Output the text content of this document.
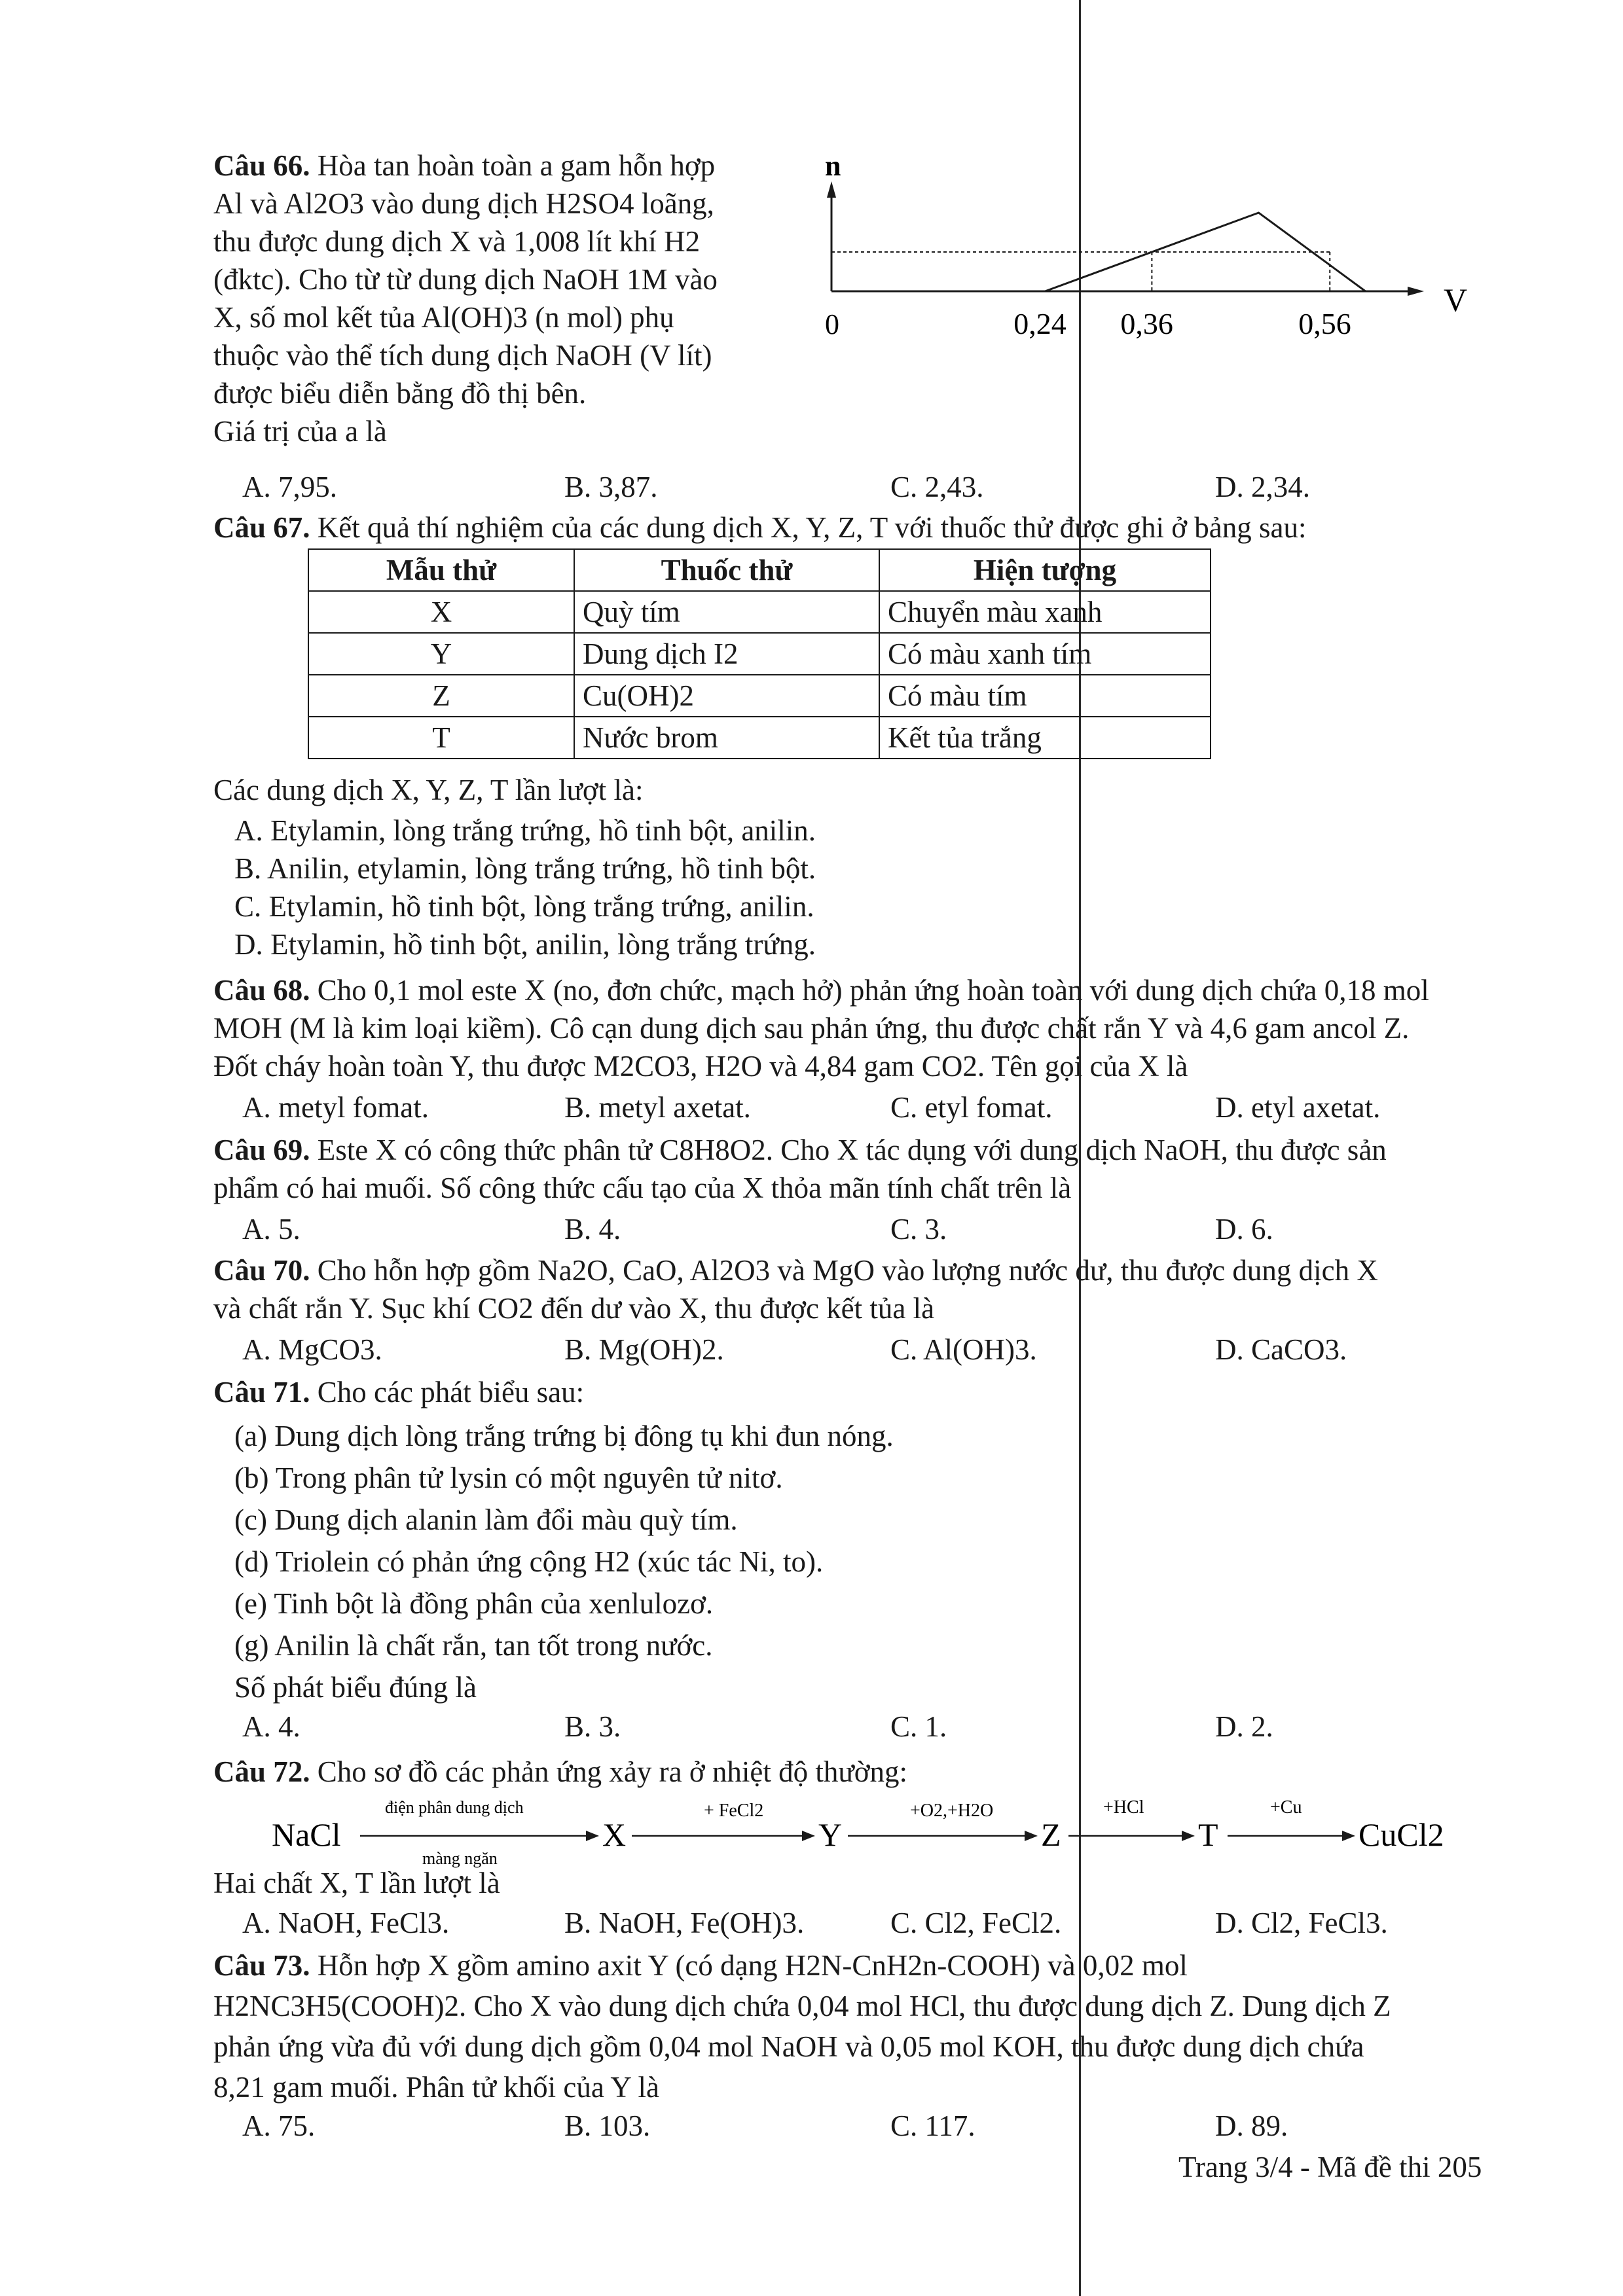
Câu 66. Hòa tan hoàn toàn a gam hỗn hợp
Al và Al2O3 vào dung dịch H2SO4 loãng,
thu được dung dịch X và 1,008 lít khí H2
(đktc). Cho từ từ dung dịch NaOH 1M vào
X, số mol kết tủa Al(OH)3 (n mol) phụ
thuộc vào thể tích dung dịch NaOH (V lít)
được biểu diễn bằng đồ thị bên.
Giá trị của a là
n
V
0	0,24 0,36	0,56
A. 7,95.	B. 3,87.	C. 2,43.	D. 2,34.
Câu 67. Kết quả thí nghiệm của các dung dịch X, Y, Z, T với thuốc thử được ghi ở bảng sau:
Mẫu thử	Thuốc thử	Hiện tượng
X	Quỳ tím	Chuyển màu xanh
Y	Dung dịch I2	Có màu xanh tím
Z	Cu(OH)2	Có màu tím
T	Nước brom	Kết tủa trắng
Các dung dịch X, Y, Z, T lần lượt là:
A. Etylamin, lòng trắng trứng, hồ tinh bột, anilin.
B. Anilin, etylamin, lòng trắng trứng, hồ tinh bột.
C. Etylamin, hồ tinh bột, lòng trắng trứng, anilin.
D. Etylamin, hồ tinh bột, anilin, lòng trắng trứng.
Câu 68. Cho 0,1 mol este X (no, đơn chức, mạch hở) phản ứng hoàn toàn với dung dịch chứa 0,18 mol
MOH (M là kim loại kiềm). Cô cạn dung dịch sau phản ứng, thu được chất rắn Y và 4,6 gam ancol Z.
Đốt cháy hoàn toàn Y, thu được M2CO3, H2O và 4,84 gam CO2. Tên gọi của X là
A. metyl fomat.	B. metyl axetat.	C. etyl fomat.	D. etyl axetat.
Câu 69. Este X có công thức phân tử C8H8O2. Cho X tác dụng với dung dịch NaOH, thu được sản
phẩm có hai muối. Số công thức cấu tạo của X thỏa mãn tính chất trên là
A. 5.	B. 4.	C. 3.	D. 6.
Câu 70. Cho hỗn hợp gồm Na2O, CaO, Al2O3 và MgO vào lượng nước dư, thu được dung dịch X
và chất rắn Y. Sục khí CO2 đến dư vào X, thu được kết tủa là
A. MgCO3.	B. Mg(OH)2.	C. Al(OH)3.	D. CaCO3.
Câu 71. Cho các phát biểu sau:
(a) Dung dịch lòng trắng trứng bị đông tụ khi đun nóng.
(b) Trong phân tử lysin có một nguyên tử nitơ.
(c) Dung dịch alanin làm đổi màu quỳ tím.
(d) Triolein có phản ứng cộng H2 (xúc tác Ni, to).
(e) Tinh bột là đồng phân của xenlulozơ.
(g) Anilin là chất rắn, tan tốt trong nước.
Số phát biểu đúng là
A. 4.	B. 3.	C. 1.	D. 2.
Câu 72. Cho sơ đồ các phản ứng xảy ra ở nhiệt độ thường:
NaCl
điện phân dung dịch
màng ngăn
X
+ FeCl2
Y
+O2,+H2O
Z
+HCl
T
+Cu
CuCl2
Hai chất X, T lần lượt là
A. NaOH, FeCl3.	B. NaOH, Fe(OH)3.	C. Cl2, FeCl2.	D. Cl2, FeCl3.
Câu 73. Hỗn hợp X gồm amino axit Y (có dạng H2N-CnH2n-COOH) và 0,02 mol
H2NC3H5(COOH)2. Cho X vào dung dịch chứa 0,04 mol HCl, thu được dung dịch Z. Dung dịch Z
phản ứng vừa đủ với dung dịch gồm 0,04 mol NaOH và 0,05 mol KOH, thu được dung dịch chứa
8,21 gam muối. Phân tử khối của Y là
A. 75.	B. 103.	C. 117.	D. 89.
Trang 3/4 - Mã đề thi 205
